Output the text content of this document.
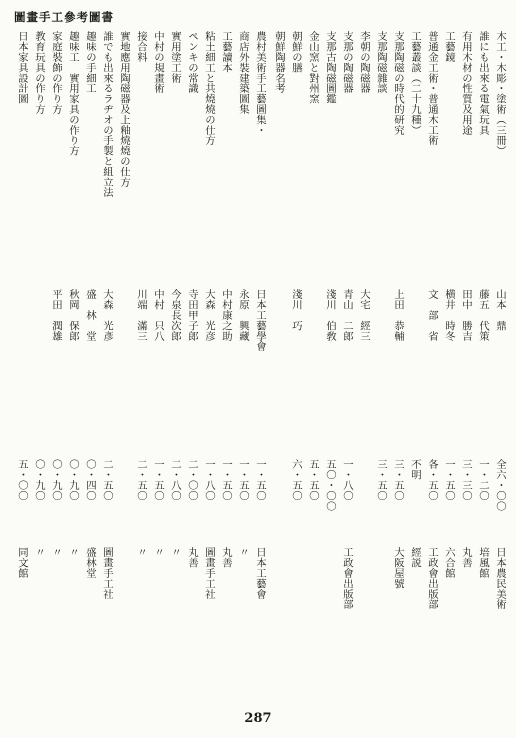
圖畫手工參考圖書
木工・木彫・塗術（三冊）
山本　鼎
全六・〇〇
日本農民美術
誰にも出來る電氣玩具
藤五　代策
一・二〇
培風館
有用木材の性質及用途
田中　勝吉
三・三〇
丸善
工藝鏡
横井　時冬
一・五〇
六合館
普通金工術・普通木工術
文　部　省
各・五〇
工政會出版部
工藝叢談（二十九種）
不明
經説
支那陶磁の時代的研究
上田　恭輔
三・五〇
大阪屋號
支那陶磁雜談
三・五〇
李朝の陶磁器
大宅　經三
支那の陶磁器
青山　二郎
一・八〇
工政會出版部
支那古陶磁圖鑑
淺川　伯敎
五〇・〇〇
金山窯と對州窯
五・五〇
朝鮮の膳
淺川　巧
六・五〇
朝鮮陶器名考
農村美術手工藝圖集・
日本工藝學會
一・五〇
日本工藝會
商店外裝建築圖集
永原　興藏
一・五〇
〃
工藝讀本
中村康之助
一・五〇
丸善
粘土細工と共燒燒の仕方
大森　光彦
一・八〇
圖畫手工社
ペンキの常識
寺田甲子郎
二・〇〇
丸善
實用塗工術
今泉長次郎
二・八〇
〃
中村の規畫術
中村　只八
一・五〇
〃
接合料
川端　滿三
二・五〇
〃
實地應用陶磁器及上釉燒燒の仕方
誰でも出來るラヂオの手製と組立法
大森　光彥
二・五〇
圖畫手工社
趣味の手細工
盛　林　堂
〇・四〇
盛林堂
趣味工　實用家具の作り方
秋岡　保郎
〇・九〇
〃
家庭裝飾の作り方
平田　潤雄
〇・九〇
〃
教育玩具の作り方
〇・九〇
〃
日本家具設計圖
五・〇〇
同文館
287
